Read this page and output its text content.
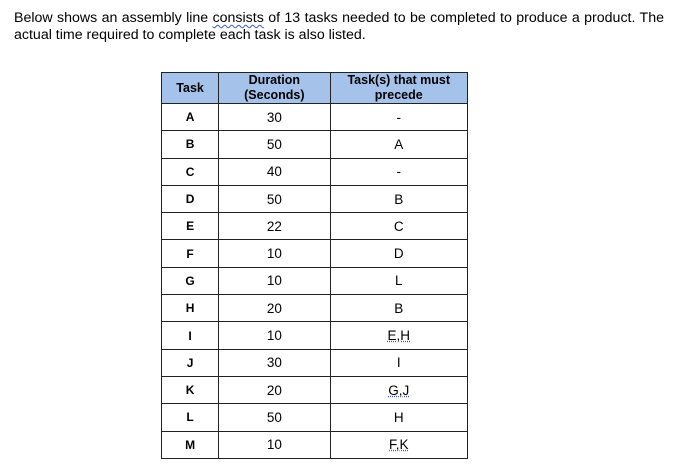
Below shows an assembly line consists of 13 tasks needed to be completed to produce a product. The actual time required to complete each task is also listed.

Task	Duration (Seconds)	Task(s) that must precede
A	30	-
B	50	A
C	40	-
D	50	B
E	22	C
F	10	D
G	10	L
H	20	B
I	10	E,H
J	30	I
K	20	G,J
L	50	H
M	10	F,K
